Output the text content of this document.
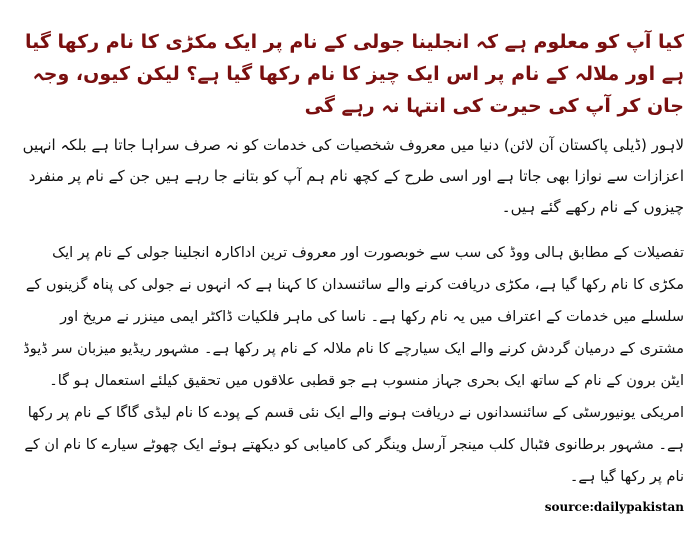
کیا آپ کو معلوم ہے کہ انجلینا جولی کے نام پر ایک مکڑی کا نام رکھا گیا ہے اور ملالہ کے نام پر اس ایک چیز کا نام رکھا گیا ہے؟ لیکن کیوں، وجہ جان کر آپ کی حیرت کی انتہا نہ رہے گی

لاہور (ڈیلی پاکستان آن لائن) دنیا میں معروف شخصیات کی خدمات کو نہ صرف سراہا جاتا ہے بلکہ انہیں اعزازات سے نوازا بھی جاتا ہے اور اسی طرح کے کچھ نام ہم آپ کو بتانے جا رہے ہیں جن کے نام پر منفرد چیزوں کے نام رکھے گئے ہیں۔

تفصیلات کے مطابق ہالی ووڈ کی سب سے خوبصورت اور معروف ترین اداکارہ انجلینا جولی کے نام پر ایک مکڑی کا نام رکھا گیا ہے، مکڑی دریافت کرنے والے سائنسدان کا کہنا ہے کہ انہوں نے جولی کی پناہ گزینوں کے سلسلے میں خدمات کے اعتراف میں یہ نام رکھا ہے۔ ناسا کی ماہر فلکیات ڈاکٹر ایمی مینزر نے مریخ اور مشتری کے درمیان گردش کرنے والے ایک سیارچے کا نام ملالہ کے نام پر رکھا ہے۔ مشہور ریڈیو میزبان سر ڈیوڈ ایٹن برون کے نام کے ساتھ ایک بحری جہاز منسوب ہے جو قطبی علاقوں میں تحقیق کیلئے استعمال ہو گا۔ امریکی یونیورسٹی کے سائنسدانوں نے دریافت ہونے والے ایک نئی قسم کے پودے کا نام لیڈی گاگا کے نام پر رکھا ہے۔ مشہور برطانوی فٹبال کلب مینجر آرسل وینگر کی کامیابی کو دیکھتے ہوئے ایک چھوٹے سیارے کا نام ان کے نام پر رکھا گیا ہے۔

source:dailypakistan
